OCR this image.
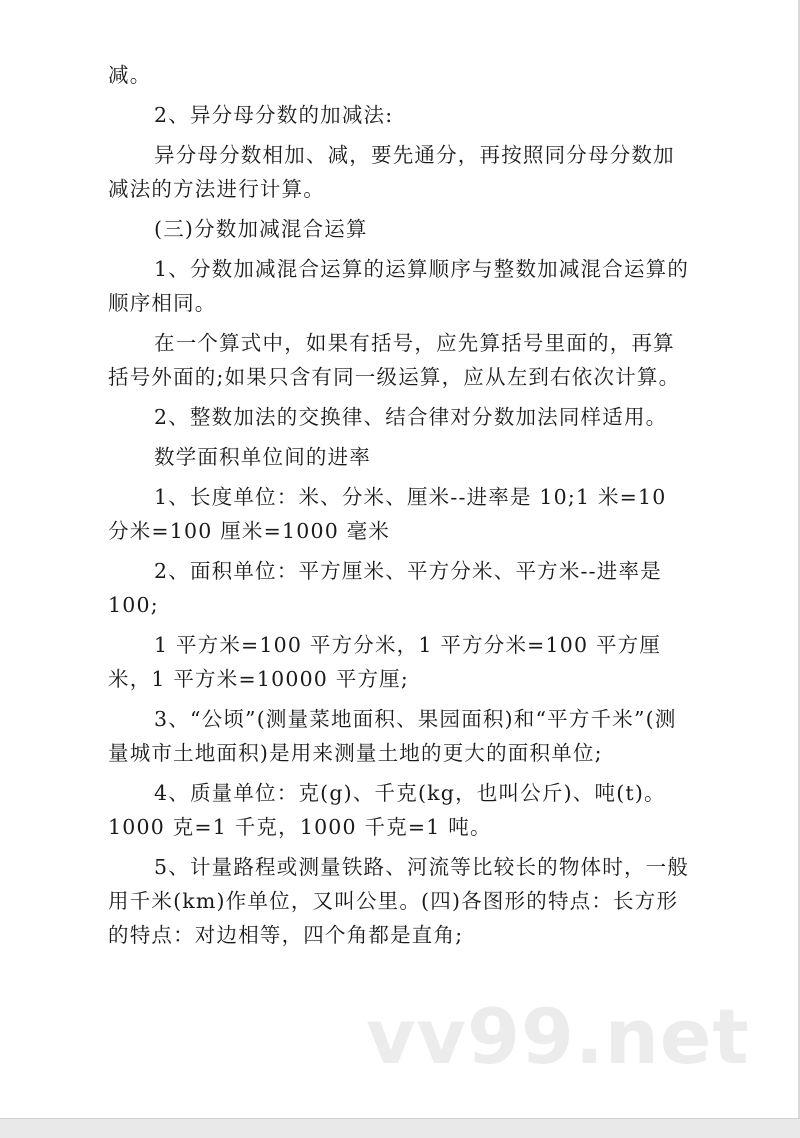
减。

2、异分母分数的加减法:

异分母分数相加、减，要先通分，再按照同分母分数加减法的方法进行计算。

(三)分数加减混合运算

1、分数加减混合运算的运算顺序与整数加减混合运算的顺序相同。

在一个算式中，如果有括号，应先算括号里面的，再算括号外面的;如果只含有同一级运算，应从左到右依次计算。

2、整数加法的交换律、结合律对分数加法同样适用。

数学面积单位间的进率

1、长度单位：米、分米、厘米--进率是 10;1 米=10 分米=100 厘米=1000 毫米

2、面积单位：平方厘米、平方分米、平方米--进率是 100;

1 平方米=100 平方分米，1 平方分米=100 平方厘米，1 平方米=10000 平方厘;

3、“公顷”(测量菜地面积、果园面积)和“平方千米”(测量城市土地面积)是用来测量土地的更大的面积单位;

4、质量单位：克(g)、千克(kg，也叫公斤)、吨(t)。1000 克=1 千克，1000 千克=1 吨。

5、计量路程或测量铁路、河流等比较长的物体时，一般用千米(km)作单位，又叫公里。(四)各图形的特点：长方形的特点：对边相等，四个角都是直角;

vv99.net
